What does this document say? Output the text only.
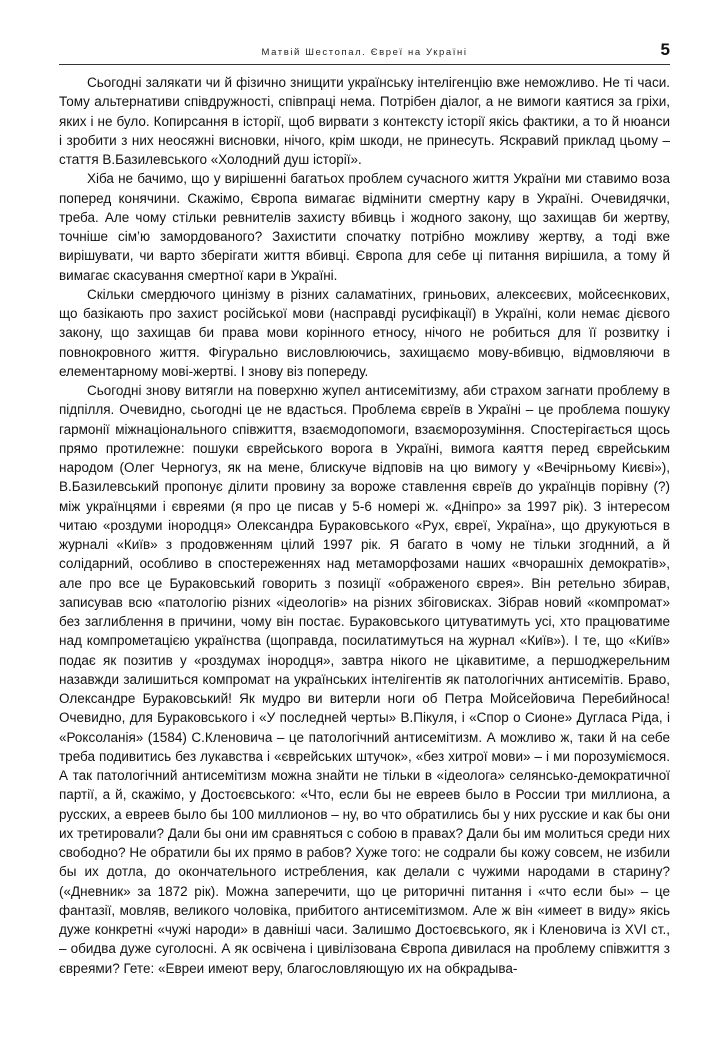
Матвій Шестопал. Євреї на Україні	5

Сьогодні залякати чи й фізично знищити українську інтелігенцію вже неможливо. Не ті часи. Тому альтернативи співдружності, співпраці нема. Потрібен діалог, а не вимоги каятися за гріхи, яких і не було. Копирсання в історії, щоб вирвати з контексту історії якісь фактики, а то й нюанси і зробити з них неосяжні висновки, нічого, крім шкоди, не принесуть. Яскравий приклад цьому – стаття В.Базилевського «Холодний душ історії».

Хіба не бачимо, що у вирішенні багатьох проблем сучасного життя України ми ставимо воза поперед конячини. Скажімо, Європа вимагає відмінити смертну кару в Україні. Очевидячки, треба. Але чому стільки ревнителів захисту вбивць і жодного закону, що захищав би жертву, точніше сім’ю замордованого? Захистити спочатку потрібно можливу жертву, а тоді вже вирішувати, чи варто зберігати життя вбивці. Європа для себе ці питання вирішила, а тому й вимагає скасування смертної кари в Україні.

Скільки смердючого цинізму в різних саламатіних, гриньових, алексеєвих, мойсеєнкових, що базікають про захист російської мови (насправді русифікації) в Україні, коли немає дієвого закону, що захищав би права мови корінного етносу, нічого не робиться для її розвитку і повнокровного життя. Фігурально висловлюючись, захищаємо мову-вбивцю, відмовляючи в елементарному мові-жертві. І знову віз попереду.

Сьогодні знову витягли на поверхню жупел антисемітизму, аби страхом загнати проблему в підпілля. Очевидно, сьогодні це не вдасться. Проблема євреїв в Україні – це проблема пошуку гармонії міжнаціонального співжиття, взаємодопомоги, взаєморозуміння. Спостерігається щось прямо протилежне: пошуки єврейського ворога в Україні, вимога каяття перед єврейським народом (Олег Черногуз, як на мене, блискуче відповів на цю вимогу у «Вечірньому Києві»), В.Базилевський пропонує ділити провину за вороже ставлення євреїв до українців порівну (?) між українцями і євреями (я про це писав у 5-6 номері ж. «Дніпро» за 1997 рік). З інтересом читаю «роздуми інородця» Олександра Бураковського «Рух, євреї, Україна», що друкуються в журналі «Київ» з продовженням цілий 1997 рік. Я багато в чому не тільки згоднний, а й солідарний, особливо в спостереженнях над метаморфозами наших «вчорашніх демократів», але про все це Бураковський говорить з позиції «ображеного єврея». Він ретельно збирав, записував всю «патологію різних «ідеологів» на різних збіговисках. Зібрав новий «компромат» без заглиблення в причини, чому він постає. Бураковського цитуватимуть усі, хто працюватиме над компрометацією українства (щоправда, посилатимуться на журнал «Київ»). І те, що «Київ» подає як позитив у «роздумах інородця», завтра нікого не цікавитиме, а першоджерельним назавжди залишиться компромат на українських інтелігентів як патологічних антисемітів. Браво, Олександре Бураковський! Як мудро ви витерли ноги об Петра Мойсейовича Перебийноса! Очевидно, для Бураковського і «У последней черты» В.Пікуля, і «Спор о Сионе» Дугласа Ріда, і «Роксоланія» (1584) С.Кленовича – це патологічний антисемітизм. А можливо ж, таки й на себе треба подивитись без лукавства і «єврейських штучок», «без хитрої мови» – і ми порозуміємося. А так патологічний антисемітизм можна знайти не тільки в «ідеолога» селянсько-демократичної партії, а й, скажімо, у Достоєвського: «Что, если бы не евреев было в России три миллиона, а русских, а евреев было бы 100 миллионов – ну, во что обратились бы у них русские и как бы они их третировали? Дали бы они им сравняться с собою в правах? Дали бы им молиться среди них свободно? Не обратили бы их прямо в рабов? Хуже того: не содрали бы кожу совсем, не избили бы их дотла, до окончательного истребления, как делали с чужими народами в старину? («Дневник» за 1872 рік). Можна заперечити, що це риторичні питання і «что если бы» – це фантазії, мовляв, великого чоловіка, прибитого антисемітизмом. Але ж він «имеет в виду» якісь дуже конкретні «чужі народи» в давніші часи. Залишмо Достоєвського, як і Кленовича із XVI ст., – обидва дуже суголосні. А як освічена і цивілізована Європа дивилася на проблему співжиття з євреями? Гете: «Евреи имеют веру, благословляющую их на обкрадыва-
